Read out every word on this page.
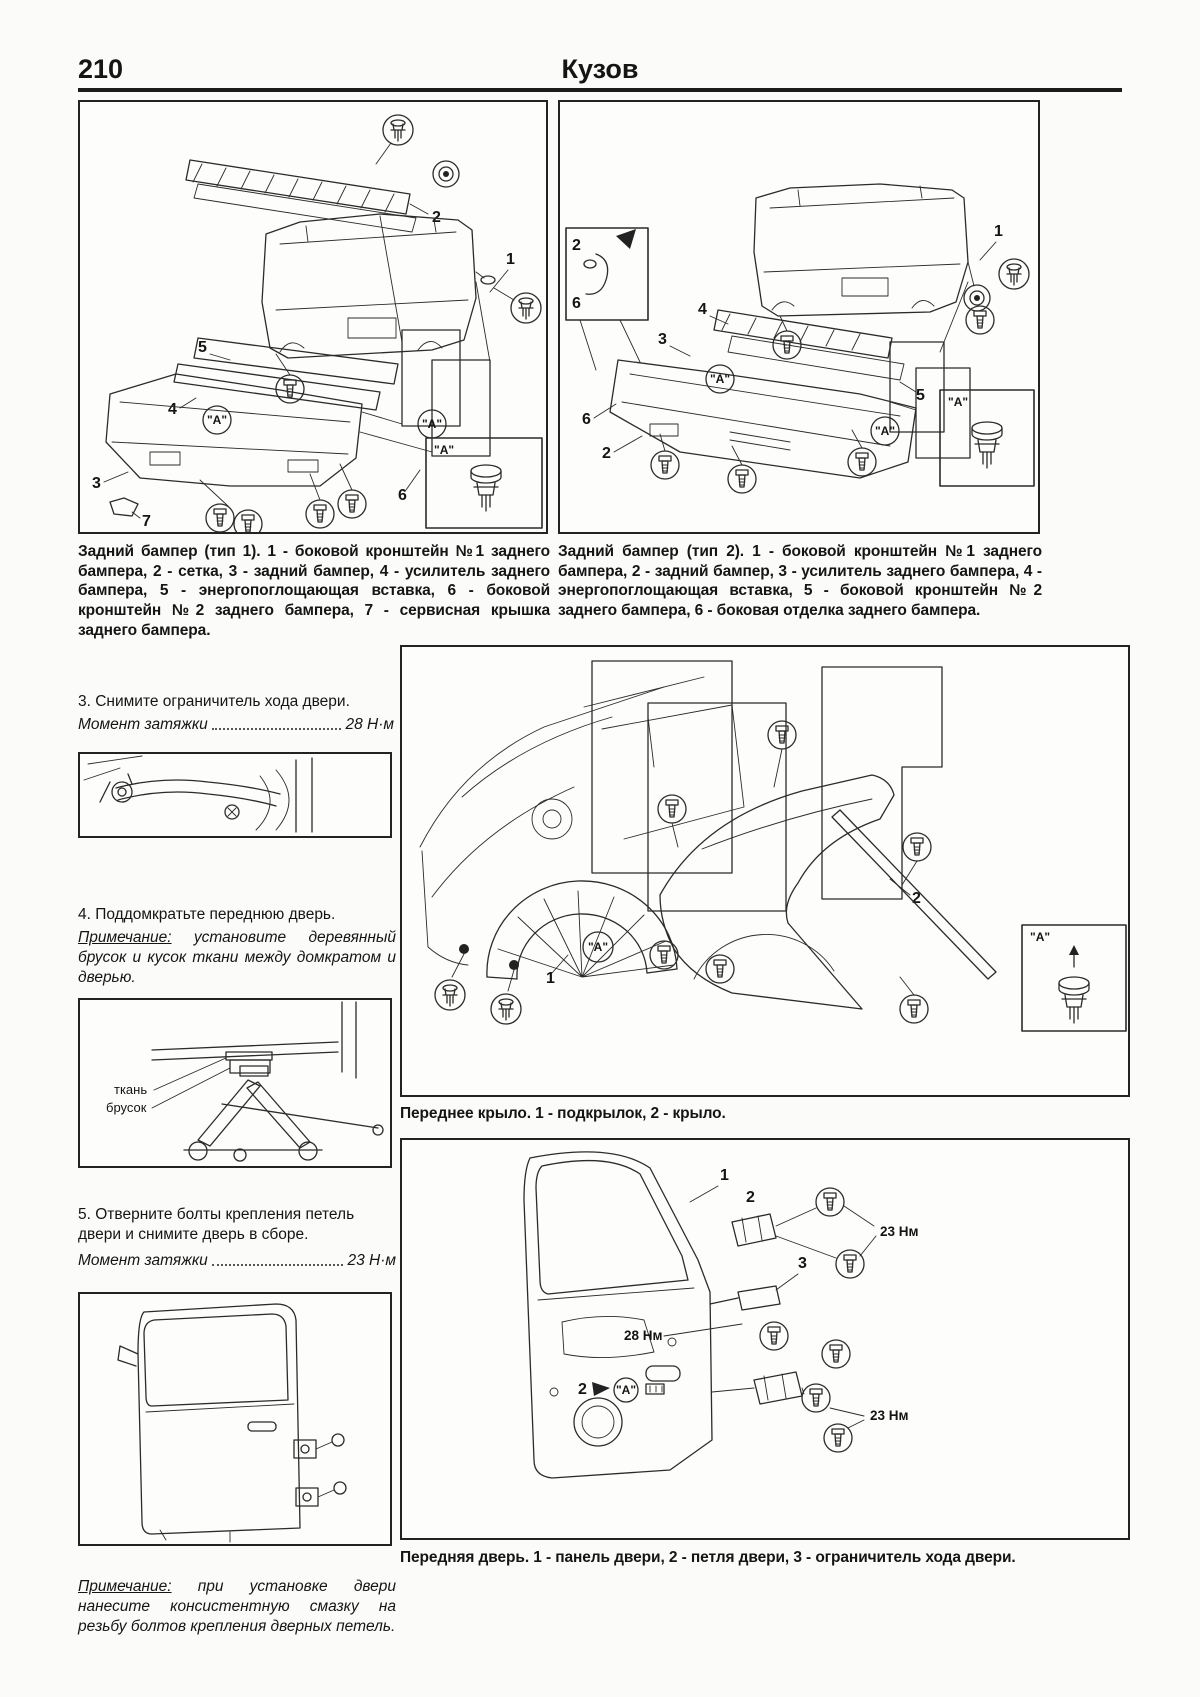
210	Кузов
2
5
4
3
7
"A"	"A"
1
6
"A"
2
6
1
4
3
5
"A"
"A"
6
2
"A"
Задний бампер (тип 1). 1 - боковой кронштейн №1 заднего бампера, 2 - сетка, 3 - задний бампер, 4 - усилитель заднего бампера, 5 - энергопоглощающая вставка, 6 - боковой кронштейн №2 заднего бампера, 7 - сервисная крышка заднего бампера.
Задний бампер (тип 2). 1 - боковой кронштейн №1 заднего бампера, 2 - задний бампер, 3 - усилитель заднего бампера, 4 - энергопоглощающая вставка, 5 - боковой кронштейн №2 заднего бампера, 6 - боковая отделка заднего бампера.
3. Снимите ограничитель хода двери.
Момент затяжки	28 Н·м
4. Поддомкратьте переднюю дверь.
Примечание: установите деревянный брусок и кусок ткани между домкратом и дверью.
ткань
брусок
5. Отверните болты крепления петель двери и снимите дверь в сборе.
Момент затяжки	23 Н·м
Примечание: при установке двери нанесите консистентную смазку на резьбу болтов крепления дверных петель.
1
"A"
2
"A"
Переднее крыло. 1 - подкрылок, 2 - крыло.
1
2
23 Нм
3
28 Нм
23 Нм
2 "A"
Передняя дверь. 1 - панель двери, 2 - петля двери, 3 - ограничитель хода двери.
